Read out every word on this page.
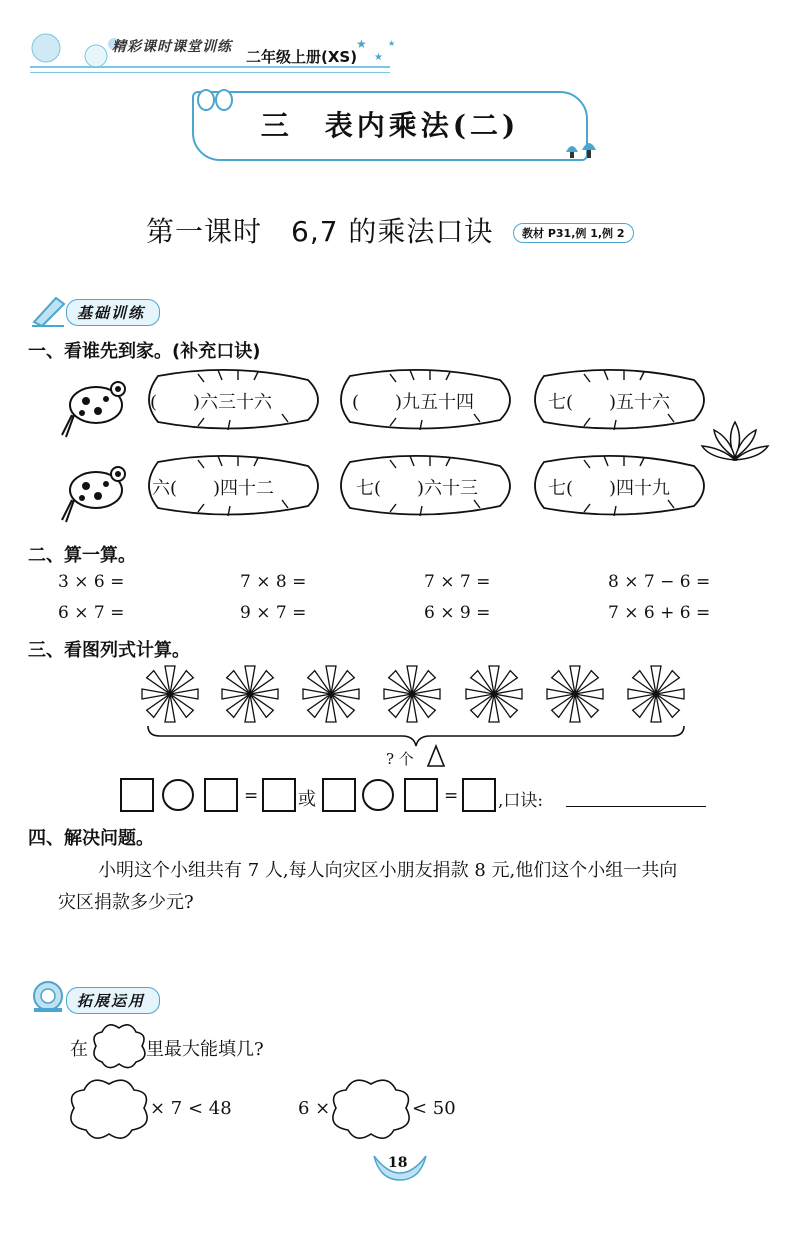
精彩课时课堂训练
二年级上册(XS)
★
★
★
三　表内乘法(二)
第一课时　6,7 的乘法口诀	教材 P31,例 1,例 2
基础训练
一、看谁先到家。(补充口诀)
(　　)六三十六	(　　)九五十四	七(　　)五十六
六(　　)四十二	七(　　)六十三	七(　　)四十九
二、算一算。
3 × 6 =	7 × 8 =	7 × 7 =	8 × 7 − 6 =
6 × 7 =	9 × 7 =	6 × 9 =	7 × 6 + 6 =
三、看图列式计算。
? 个
= 或	= ,口诀:
四、解决问题。
小明这个小组共有 7 人,每人向灾区小朋友捐款 8 元,他们这个小组一共向
灾区捐款多少元?
拓展运用
在	里最大能填几?
× 7 < 48	6 ×	< 50
18
